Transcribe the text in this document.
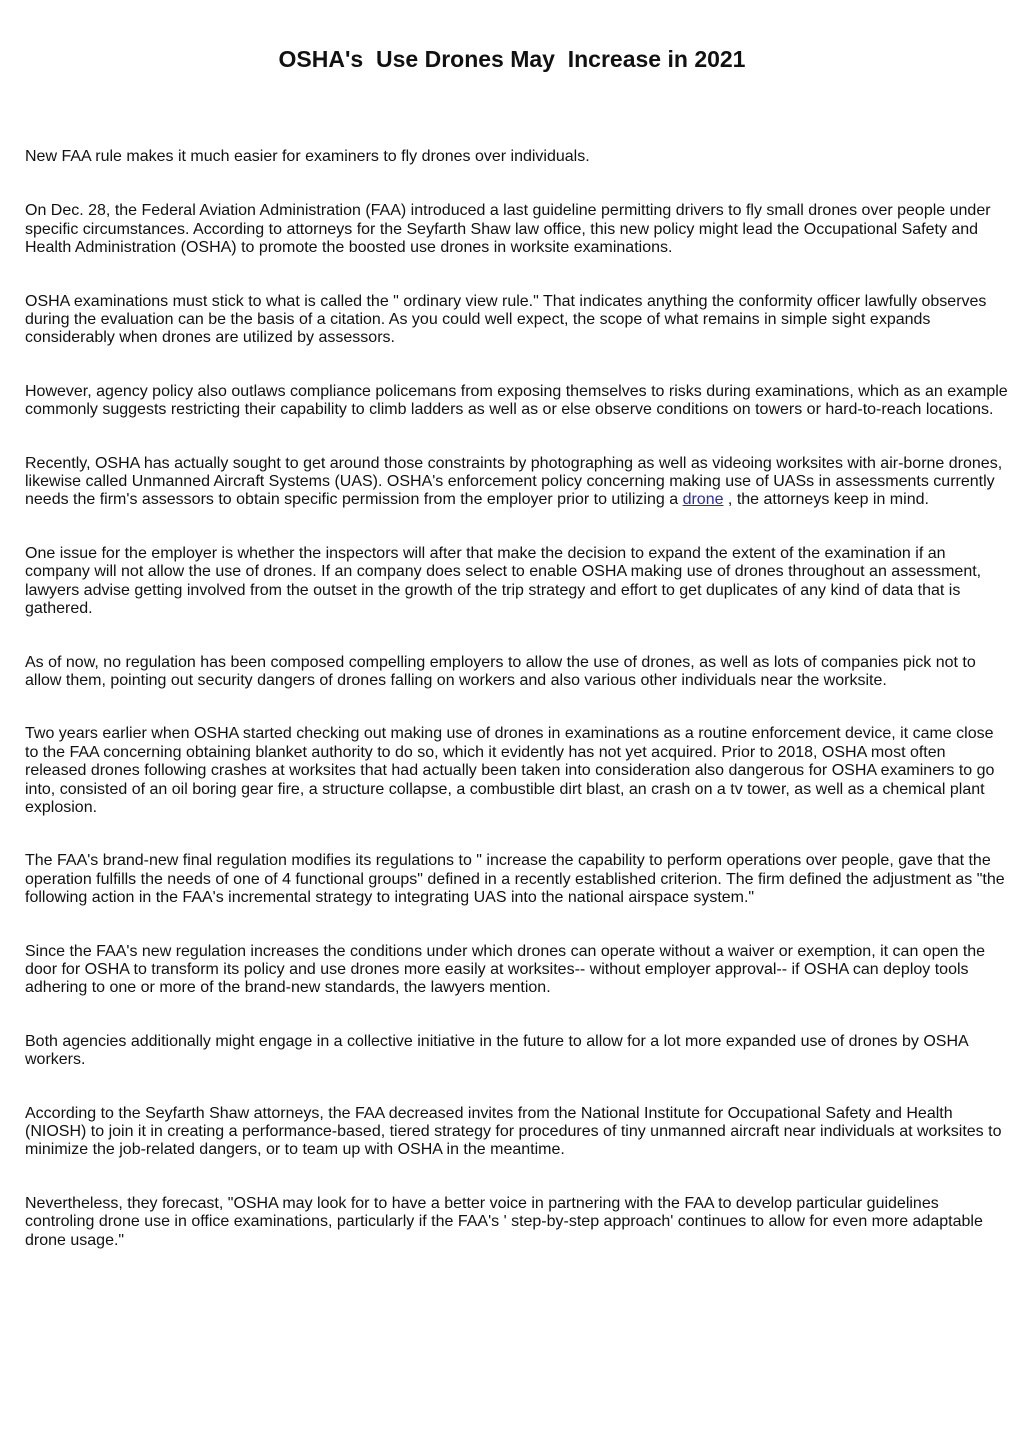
OSHA's  Use Drones May  Increase in 2021

New FAA rule makes it much easier for examiners to fly drones over individuals.

On Dec. 28, the Federal Aviation Administration (FAA) introduced a last guideline permitting drivers to fly small drones over people under specific circumstances. According to attorneys for the Seyfarth Shaw law office, this new policy might lead the Occupational Safety and Health Administration (OSHA) to promote the boosted use drones in worksite examinations.

OSHA examinations must stick to what is called the " ordinary view rule." That indicates anything the conformity officer lawfully observes during the evaluation can be the basis of a citation. As you could well expect, the scope of what remains in simple sight expands considerably when drones are utilized by assessors.

However, agency policy also outlaws compliance policemans from exposing themselves to risks during examinations, which as an example commonly suggests restricting their capability to climb ladders as well as or else observe conditions on towers or hard-to-reach locations.

Recently, OSHA has actually sought to get around those constraints by photographing as well as videoing worksites with air-borne drones, likewise called Unmanned Aircraft Systems (UAS). OSHA's enforcement policy concerning making use of UASs in assessments currently needs the firm's assessors to obtain specific permission from the employer prior to utilizing a drone , the attorneys keep in mind.

One issue for the employer is whether the inspectors will after that make the decision to expand the extent of the examination if an company will not allow the use of drones. If an company does select to enable OSHA making use of drones throughout an assessment, lawyers advise getting involved from the outset in the growth of the trip strategy and effort to get duplicates of any kind of data that is gathered.

As of now, no regulation has been composed compelling employers to allow the use of drones, as well as lots of companies pick not to allow them, pointing out security dangers of drones falling on workers and also various other individuals near the worksite.

Two years earlier when OSHA started checking out making use of drones in examinations as a routine enforcement device, it came close to the FAA concerning obtaining blanket authority to do so, which it evidently has not yet acquired. Prior to 2018, OSHA most often released drones following crashes at worksites that had actually been taken into consideration also dangerous for OSHA examiners to go into, consisted of an oil boring gear fire, a structure collapse, a combustible dirt blast, an crash on a tv tower, as well as a chemical plant explosion.

The FAA's brand-new final regulation modifies its regulations to " increase the capability to perform operations over people, gave that the operation fulfills the needs of one of 4 functional groups" defined in a recently established criterion. The firm defined the adjustment as "the following action in the FAA's incremental strategy to integrating UAS into the national airspace system."

Since the FAA's new regulation increases the conditions under which drones can operate without a waiver or exemption, it can open the door for OSHA to transform its policy and use drones more easily at worksites-- without employer approval-- if OSHA can deploy tools adhering to one or more of the brand-new standards, the lawyers mention.

Both agencies additionally might engage in a collective initiative in the future to allow for a lot more expanded use of drones by OSHA workers.

According to the Seyfarth Shaw attorneys, the FAA decreased invites from the National Institute for Occupational Safety and Health (NIOSH) to join it in creating a performance-based, tiered strategy for procedures of tiny unmanned aircraft near individuals at worksites to minimize the job-related dangers, or to team up with OSHA in the meantime.

Nevertheless, they forecast, "OSHA may look for to have a better voice in partnering with the FAA to develop particular guidelines controling drone use in office examinations, particularly if the FAA's ' step-by-step approach' continues to allow for even more adaptable drone usage."
